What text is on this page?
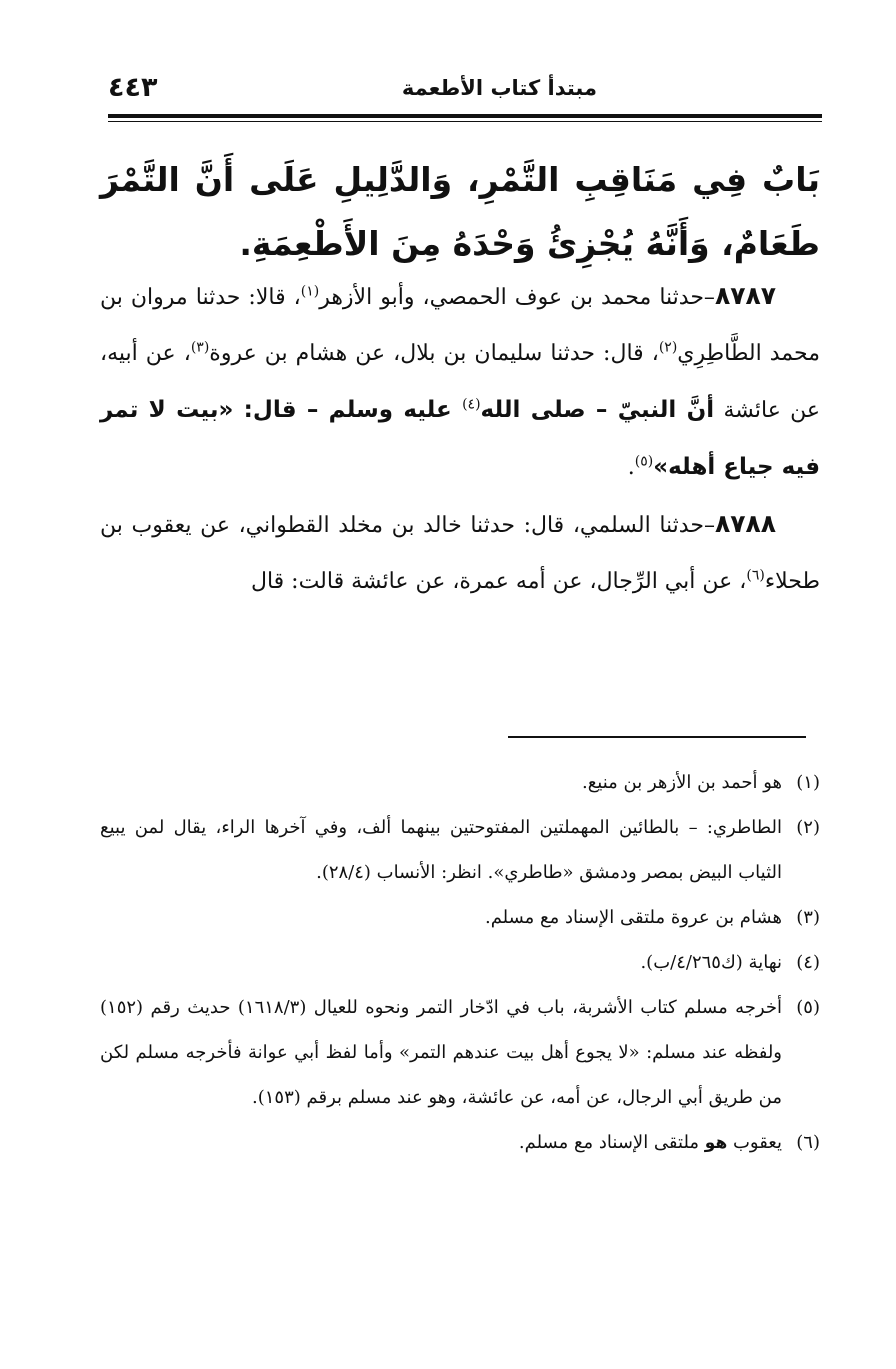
مبتدأ كتاب الأطعمة
٤٤٣
بَابٌ فِي مَنَاقِبِ التَّمْرِ، وَالدَّلِيلِ عَلَى أَنَّ التَّمْرَ طَعَامٌ، وَأَنَّهُ يُجْزِئُ وَحْدَهُ مِنَ الأَطْعِمَةِ.

٨٧٨٧–حدثنا محمد بن عوف الحمصي، وأبو الأزهر$^{(١)}$، قالا: حدثنا مروان بن محمد الطَّاطِرِي$^{(٢)}$، قال: حدثنا سليمان بن بلال، عن هشام بن عروة$^{(٣)}$، عن أبيه، عن عائشة أنَّ النبيّ – صلى الله$^{(٤)}$ عليه وسلم – قال: «بيت لا تمر فيه جياع أهله»$^{(٥)}$.

٨٧٨٨–حدثنا السلمي، قال: حدثنا خالد بن مخلد القطواني، عن يعقوب بن طحلاء$^{(٦)}$، عن أبي الرِّجال، عن أمه عمرة، عن عائشة قالت: قال

(١)
هو أحمد بن الأزهر بن منيع.

(٢)
الطاطري: – بالطائين المهملتين المفتوحتين بينهما ألف، وفي آخرها الراء، يقال لمن يبيع الثياب البيض بمصر ودمشق «طاطري». انظر: الأنساب (٢٨/٤).

(٣)
هشام بن عروة ملتقى الإسناد مع مسلم.

(٤)
نهاية (ك٤/٢٦٥/ب).

(٥)
أخرجه مسلم كتاب الأشربة، باب في ادّخار التمر ونحوه للعيال (١٦١٨/٣) حديث رقم (١٥٢) ولفظه عند مسلم: «لا يجوع أهل بيت عندهم التمر» وأما لفظ أبي عوانة فأخرجه مسلم لكن من طريق أبي الرجال، عن أمه، عن عائشة، وهو عند مسلم برقم (١٥٣).

(٦)
يعقوب هو ملتقى الإسناد مع مسلم.
